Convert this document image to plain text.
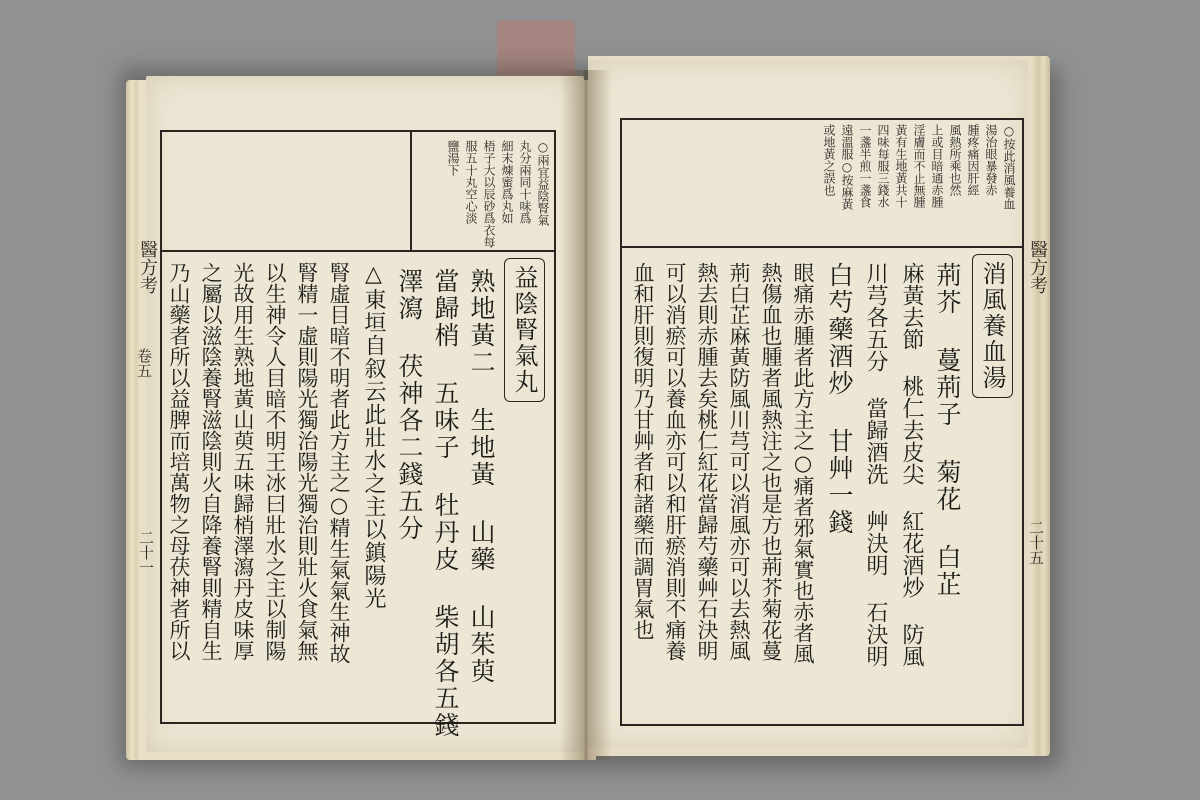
醫方考
卷五
二十一
○兩宜益陰腎氣
丸分兩同十味爲
細末煉蜜爲丸如
梧子大以辰砂爲衣每
服五十丸空心淡
鹽湯下
益陰腎氣丸
熟地黃二 生地黃 山藥 山茱萸
當歸梢 五味子 牡丹皮 柴胡各五錢
澤瀉 茯神各二錢五分
△東垣自叙云此壯水之主以鎮陽光
腎虛目暗不明者此方主之○精生氣氣生神故
腎精一虛則陽光獨治陽光獨治則壯火食氣無
以生神令人目暗不明王冰曰壯水之主以制陽
光故用生熟地黃山萸五味歸梢澤瀉丹皮味厚
之屬以滋陰養腎滋陰則火自降養腎則精自生
乃山藥者所以益脾而培萬物之母茯神者所以	醫方考
二十五
○按此消風養血
湯治眼暴發赤
腫疼痛因肝經
風熱所乘也然
上或目暗通赤腫
淫膚而不止無腫
黃有生地黃共十
四味每服三錢水
一盞半煎一盞食
遠溫服○按麻黃
或地黃之誤也
消風養血湯
荊芥 蔓荊子 菊花 白芷
麻黃去節 桃仁去皮尖 紅花酒炒 防風
川芎各五分 當歸酒洗 艸決明 石決明
白芍藥酒炒 甘艸一錢
眼痛赤腫者此方主之○痛者邪氣實也赤者風
熱傷血也腫者風熱注之也是方也荊芥菊花蔓
荊白芷麻黃防風川芎可以消風亦可以去熱風
熱去則赤腫去矣桃仁紅花當歸芍藥艸石決明
可以消瘀可以養血亦可以和肝瘀消則不痛養
血和肝則復明乃甘艸者和諸藥而調胃氣也
